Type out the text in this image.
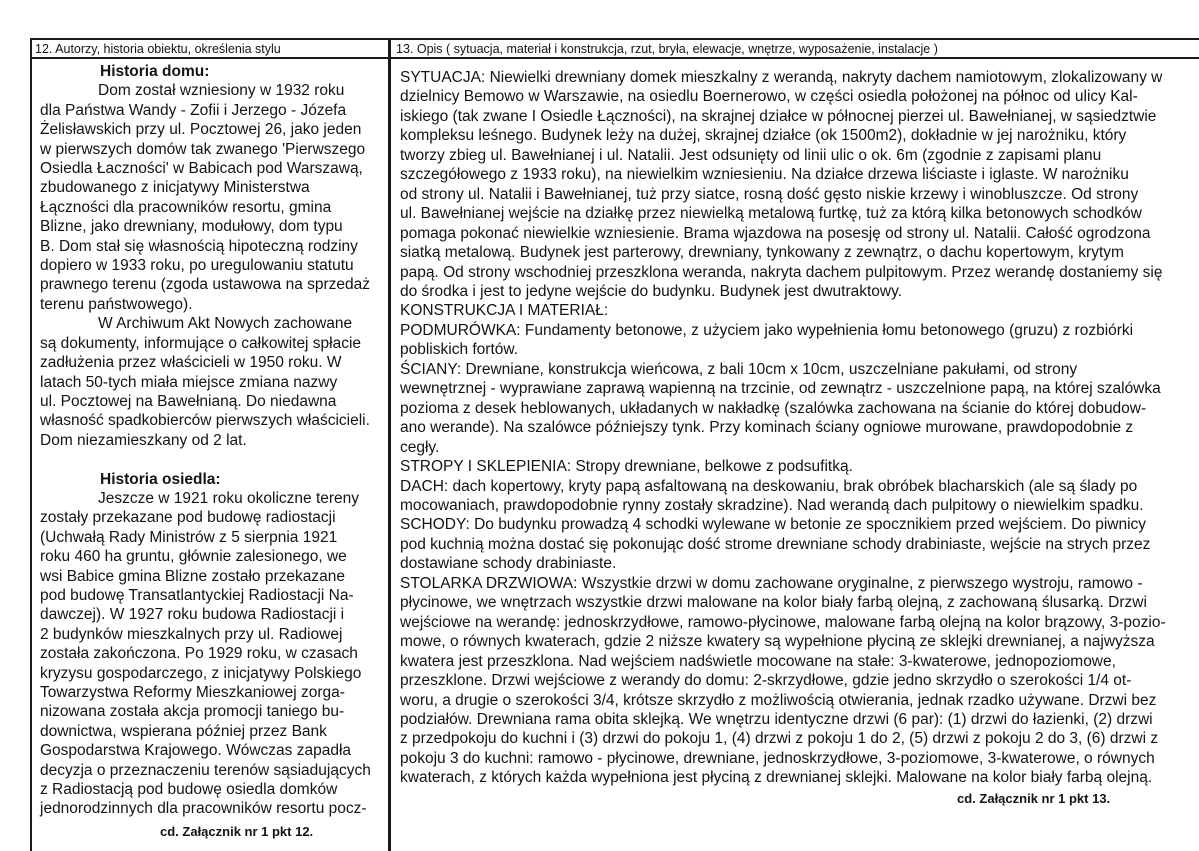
12. Autorzy, historia obiektu, określenia stylu	13. Opis ( sytuacja, materiał i konstrukcja, rzut, bryła, elewacje, wnętrze, wyposażenie, instalacje )

Historia domu:

Dom został wzniesiony w 1932 roku

dla Państwa Wandy - Zofii i Jerzego - Józefa

Żelisławskich przy ul. Pocztowej 26, jako jeden

w pierwszych domów tak zwanego 'Pierwszego

Osiedla Łaczności' w Babicach pod Warszawą,

zbudowanego z inicjatywy Ministerstwa

Łączności dla pracowników resortu, gmina

Blizne, jako drewniany, modułowy, dom typu

B. Dom stał się własnością hipoteczną rodziny

dopiero w 1933 roku, po uregulowaniu statutu

prawnego terenu (zgoda ustawowa na sprzedaż

terenu państwowego).

W Archiwum Akt Nowych zachowane

są dokumenty, informujące o całkowitej spłacie

zadłużenia przez właścicieli w 1950 roku. W

latach 50-tych miała miejsce zmiana nazwy

ul. Pocztowej na Bawełnianą. Do niedawna

własność spadkobierców pierwszych właścicieli.

Dom niezamieszkany od 2 lat.

Historia osiedla:

Jeszcze w 1921 roku okoliczne tereny

zostały przekazane pod budowę radiostacji

(Uchwałą Rady Ministrów z 5 sierpnia 1921

roku 460 ha gruntu, głównie zalesionego, we

wsi Babice gmina Blizne zostało przekazane

pod budowę Transatlantyckiej Radiostacji Na-

dawczej). W 1927 roku budowa Radiostacji i

2 budynków mieszkalnych przy ul. Radiowej

została zakończona. Po 1929 roku, w czasach

kryzysu gospodarczego, z inicjatywy Polskiego

Towarzystwa Reformy Mieszkaniowej zorga-

nizowana została akcja promocji taniego bu-

downictwa, wspierana później przez Bank

Gospodarstwa Krajowego. Wówczas zapadła

decyzja o przeznaczeniu terenów sąsiadujących

z Radiostacją pod budowę osiedla domków

jednorodzinnych dla pracowników resortu pocz-

cd. Załącznik nr 1 pkt 12.

SYTUACJA: Niewielki drewniany domek mieszkalny z werandą, nakryty dachem namiotowym, zlokalizowany w

dzielnicy Bemowo w Warszawie, na osiedlu Boernerowo, w części osiedla położonej na północ od ulicy Kal-

iskiego (tak zwane I Osiedle Łączności), na skrajnej działce w północnej pierzei ul. Bawełnianej, w sąsiedztwie

kompleksu leśnego. Budynek leży na dużej, skrajnej działce (ok 1500m2), dokładnie w jej narożniku, który

tworzy zbieg ul. Bawełnianej i ul. Natalii. Jest odsunięty od linii ulic o ok. 6m (zgodnie z zapisami planu

szczegółowego z 1933 roku), na niewielkim wzniesieniu. Na działce drzewa liściaste i iglaste. W narożniku

od strony ul. Natalii i Bawełnianej, tuż przy siatce, rosną dość gęsto niskie krzewy i winobluszcze. Od strony

ul. Bawełnianej wejście na działkę przez niewielką metalową furtkę, tuż za którą kilka betonowych schodków

pomaga pokonać niewielkie wzniesienie. Brama wjazdowa na posesję od strony ul. Natalii. Całość ogrodzona

siatką metalową. Budynek jest parterowy, drewniany, tynkowany z zewnątrz, o dachu kopertowym, krytym

papą. Od strony wschodniej przeszklona weranda, nakryta dachem pulpitowym. Przez werandę dostaniemy się

do środka i jest to jedyne wejście do budynku. Budynek jest dwutraktowy.

KONSTRUKCJA I MATERIAŁ:

PODMURÓWKA: Fundamenty betonowe, z użyciem jako wypełnienia łomu betonowego (gruzu) z rozbiórki

pobliskich fortów.

ŚCIANY: Drewniane, konstrukcja wieńcowa, z bali 10cm x 10cm, uszczelniane pakułami, od strony

wewnętrznej - wyprawiane zaprawą wapienną na trzcinie, od zewnątrz - uszczelnione papą, na której szalówka

pozioma z desek heblowanych, układanych w nakładkę (szalówka zachowana na ścianie do której dobudow-

ano werande). Na szalówce późniejszy tynk. Przy kominach ściany ogniowe murowane, prawdopodobnie z

cegły.

STROPY I SKLEPIENIA: Stropy drewniane, belkowe z podsufitką.

DACH: dach kopertowy, kryty papą asfaltowaną na deskowaniu, brak obróbek blacharskich (ale są ślady po

mocowaniach, prawdopodobnie rynny zostały skradzine). Nad werandą dach pulpitowy o niewielkim spadku.

SCHODY: Do budynku prowadzą 4 schodki wylewane w betonie ze spocznikiem przed wejściem. Do piwnicy

pod kuchnią można dostać się pokonując dość strome drewniane schody drabiniaste, wejście na strych przez

dostawiane schody drabiniaste.

STOLARKA DRZWIOWA: Wszystkie drzwi w domu zachowane oryginalne, z pierwszego wystroju, ramowo -

płycinowe, we wnętrzach wszystkie drzwi malowane na kolor biały farbą olejną, z zachowaną ślusarką. Drzwi

wejściowe na werandę: jednoskrzydłowe, ramowo-płycinowe, malowane farbą olejną na kolor brązowy, 3-pozio-

mowe, o równych kwaterach, gdzie 2 niższe kwatery są wypełnione płyciną ze sklejki drewnianej, a najwyższa

kwatera jest przeszklona. Nad wejściem nadświetle mocowane na stałe: 3-kwaterowe, jednopoziomowe,

przeszklone. Drzwi wejściowe z werandy do domu: 2-skrzydłowe, gdzie jedno skrzydło o szerokości 1/4 ot-

woru, a drugie o szerokości 3/4, krótsze skrzydło z możliwością otwierania, jednak rzadko używane. Drzwi bez

podziałów. Drewniana rama obita sklejką. We wnętrzu identyczne drzwi (6 par): (1) drzwi do łazienki, (2) drzwi

z przedpokoju do kuchni i (3) drzwi do pokoju 1, (4) drzwi z pokoju 1 do 2, (5) drzwi z pokoju 2 do 3, (6) drzwi z

pokoju 3 do kuchni: ramowo - płycinowe, drewniane, jednoskrzydłowe, 3-poziomowe, 3-kwaterowe, o równych

kwaterach, z których każda wypełniona jest płyciną z drewnianej sklejki. Malowane na kolor biały farbą olejną.

cd. Załącznik nr 1 pkt 13.
